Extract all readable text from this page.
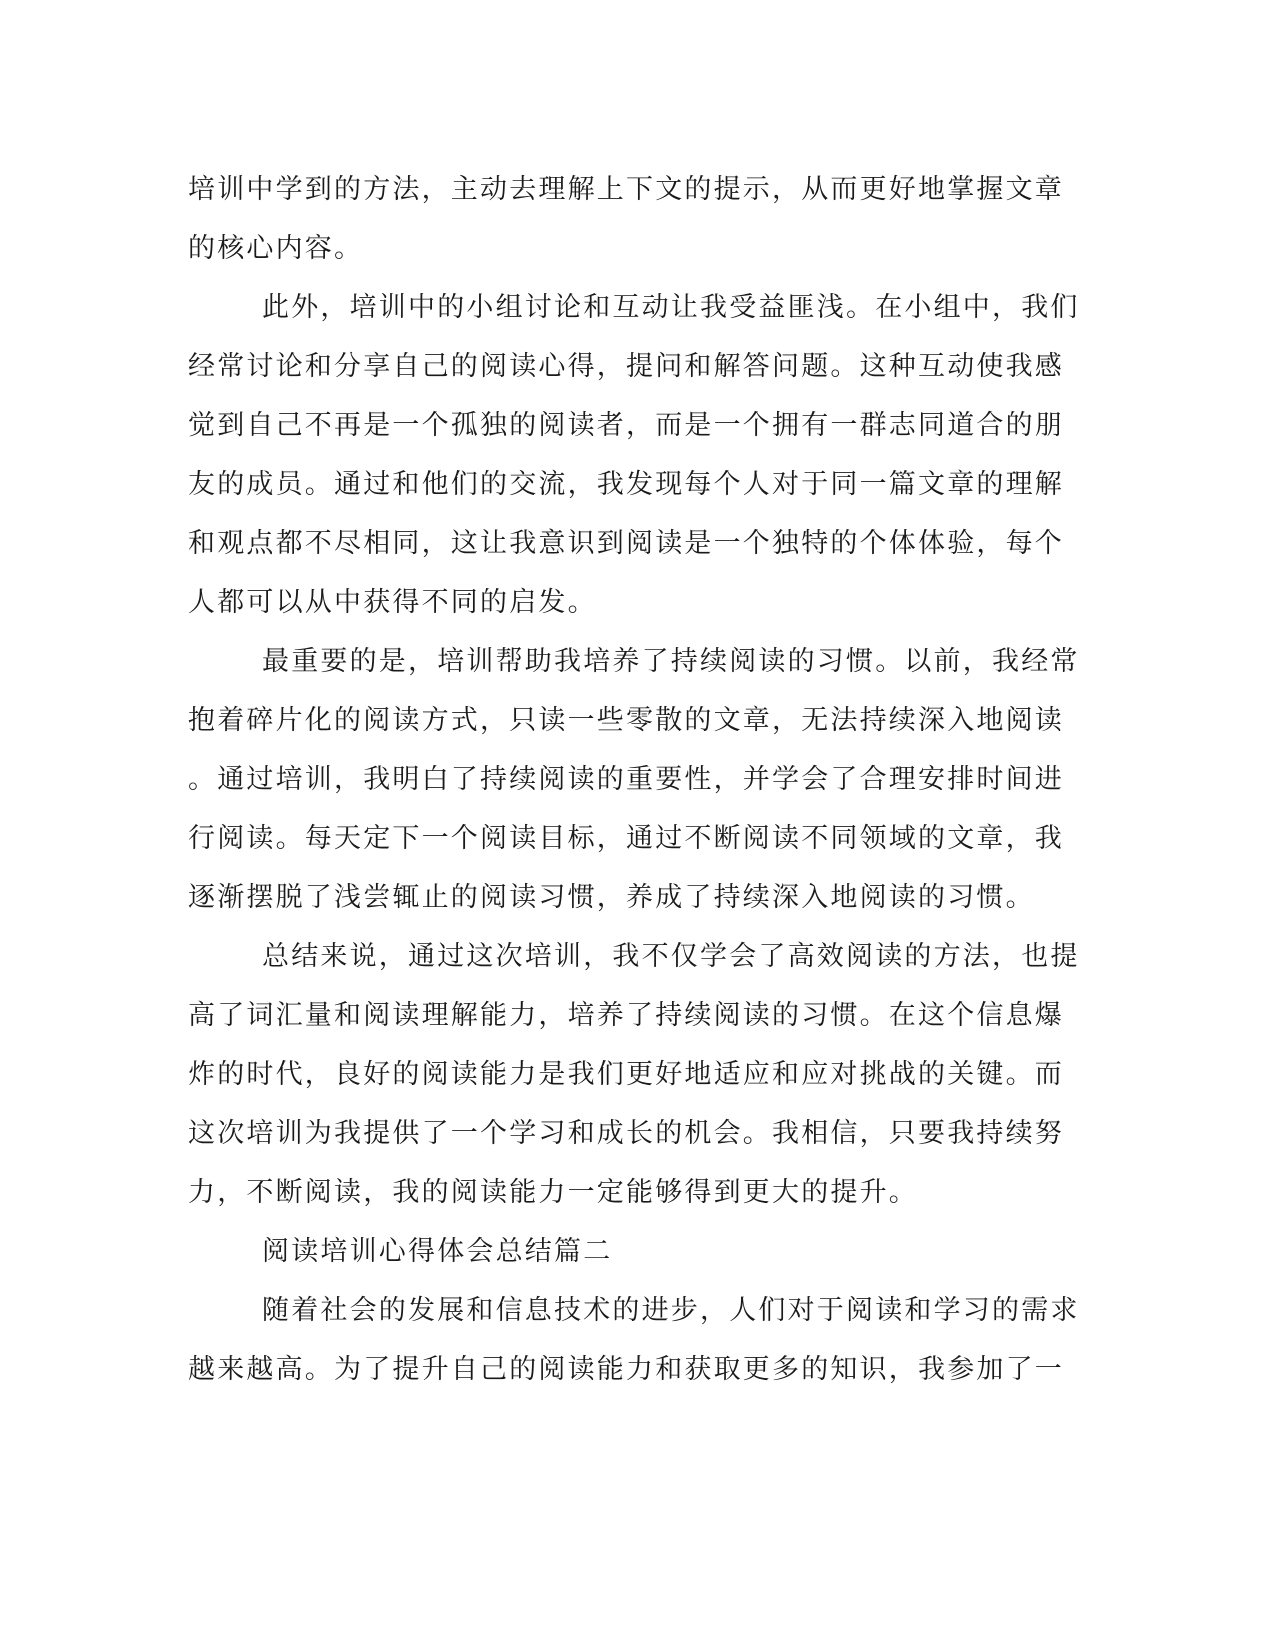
培训中学到的方法，主动去理解上下文的提示，从而更好地掌握文章
的核心内容。
此外，培训中的小组讨论和互动让我受益匪浅。在小组中，我们
经常讨论和分享自己的阅读心得，提问和解答问题。这种互动使我感
觉到自己不再是一个孤独的阅读者，而是一个拥有一群志同道合的朋
友的成员。通过和他们的交流，我发现每个人对于同一篇文章的理解
和观点都不尽相同，这让我意识到阅读是一个独特的个体体验，每个
人都可以从中获得不同的启发。
最重要的是，培训帮助我培养了持续阅读的习惯。以前，我经常
抱着碎片化的阅读方式，只读一些零散的文章，无法持续深入地阅读
。通过培训，我明白了持续阅读的重要性，并学会了合理安排时间进
行阅读。每天定下一个阅读目标，通过不断阅读不同领域的文章，我
逐渐摆脱了浅尝辄止的阅读习惯，养成了持续深入地阅读的习惯。
总结来说，通过这次培训，我不仅学会了高效阅读的方法，也提
高了词汇量和阅读理解能力，培养了持续阅读的习惯。在这个信息爆
炸的时代，良好的阅读能力是我们更好地适应和应对挑战的关键。而
这次培训为我提供了一个学习和成长的机会。我相信，只要我持续努
力，不断阅读，我的阅读能力一定能够得到更大的提升。
阅读培训心得体会总结篇二
随着社会的发展和信息技术的进步，人们对于阅读和学习的需求
越来越高。为了提升自己的阅读能力和获取更多的知识，我参加了一
